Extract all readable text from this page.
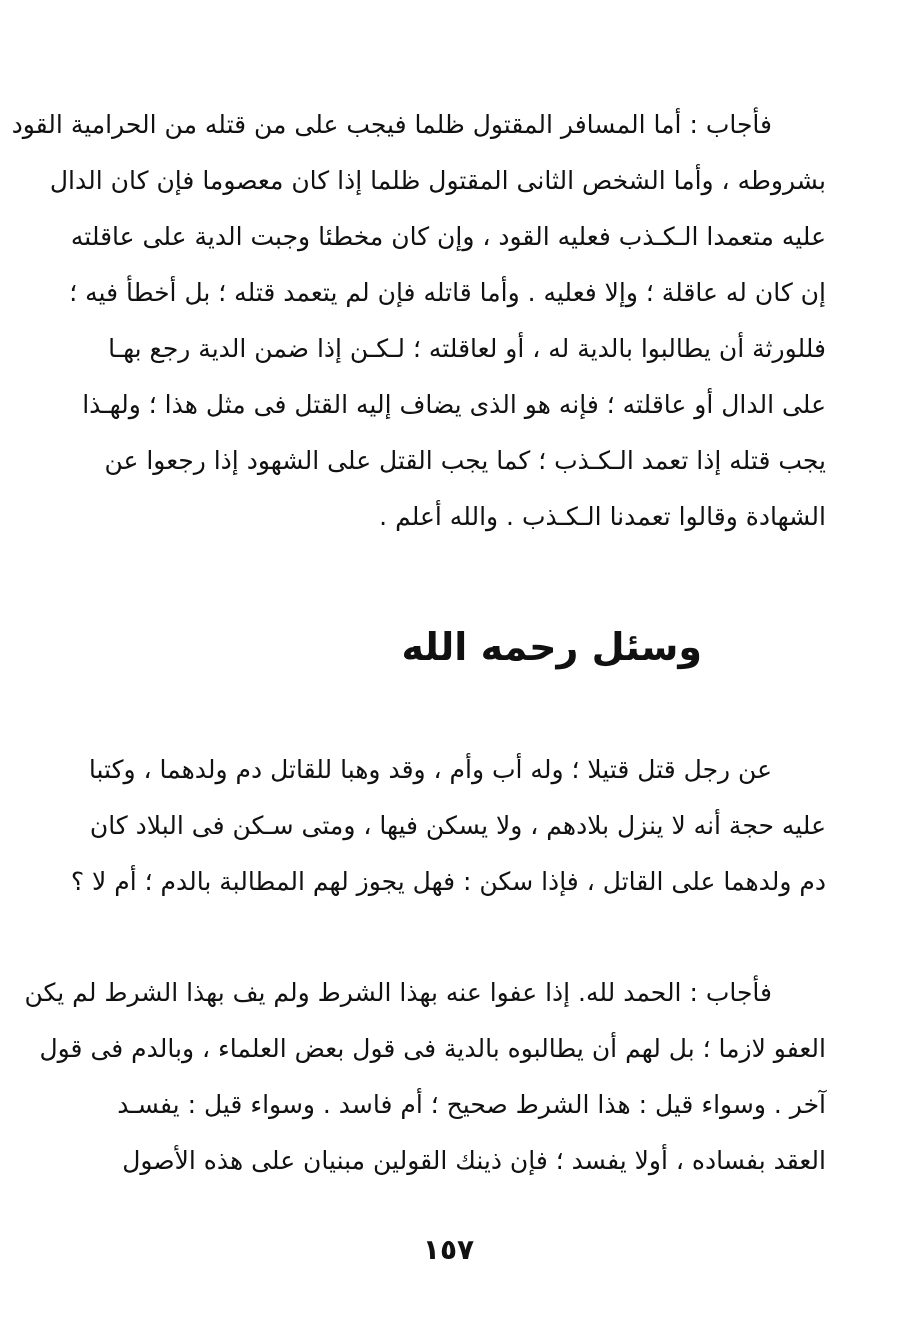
فأجاب : أما المسافر المقتول ظلما فيجب على من قتله من الحرامية القود
بشروطه ، وأما الشخص الثانى المقتول ظلما إذا كان معصوما فإن كان الدال
عليه متعمدا الـكـذب فعليه القود ، وإن كان مخطئا وجبت الدية على عاقلته
إن كان له عاقلة ؛ وإلا فعليه . وأما قاتله فإن لم يتعمد قتله ؛ بل أخطأ فيه ؛
فللورثة أن يطالبوا بالدية له ، أو لعاقلته ؛ لـكـن إذا ضمن الدية رجع بهـا
على الدال أو عاقلته ؛ فإنه هو الذى يضاف إليه القتل فى مثل هذا ؛ ولهـذا
يجب قتله إذا تعمد الـكـذب ؛ كما يجب القتل على الشهود إذا رجعوا عن
الشهادة وقالوا تعمدنا الـكـذب . والله أعلم .
وسئل رحمه الله
عن رجل قتل قتيلا ؛ وله أب وأم ، وقد وهبا للقاتل دم ولدهما ، وكتبا
عليه حجة أنه لا ينزل بلادهم ، ولا يسكن فيها ، ومتى سـكن فى البلاد كان
دم ولدهما على القاتل ، فإذا سكن : فهل يجوز لهم المطالبة بالدم ؛ أم لا ؟
فأجاب : الحمد لله. إذا عفوا عنه بهذا الشرط ولم يف بهذا الشرط لم يكن
العفو لازما ؛ بل لهم أن يطالبوه بالدية فى قول بعض العلماء ، وبالدم فى قول
آخر . وسواء قيل : هذا الشرط صحيح ؛ أم فاسد . وسواء قيل : يفسـد
العقد بفساده ، أولا يفسد ؛ فإن ذينك القولين مبنيان على هذه الأصول
١٥٧
